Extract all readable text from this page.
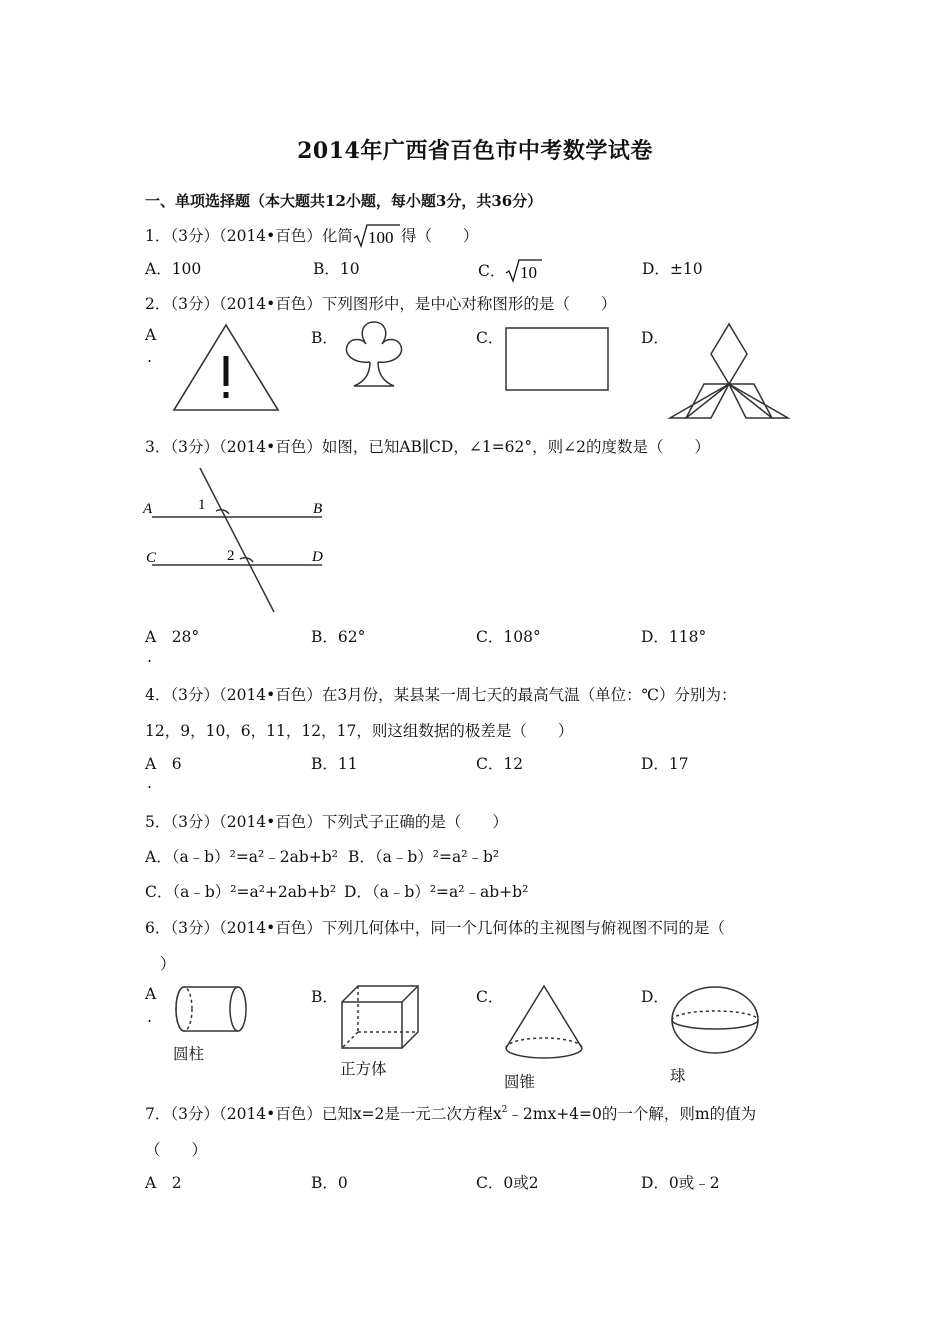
2014年广西省百色市中考数学试卷
一、单项选择题（本大题共12小题，每小题3分，共36分）
1．（3分）（2014•百色）化简 100 得（　　）
A．100	B．10	C． 10	D．±10
2．（3分）（2014•百色）下列图形中，是中心对称图形的是（　　）
A
.
B．	C．	D．
3．（3分）（2014•百色）如图，已知AB∥CD，∠1=62°，则∠2的度数是（　　）
A	B
C	D
1
2
A　28°
.
B．62°	C．108°	D．118°
4．（3分）（2014•百色）在3月份，某县某一周七天的最高气温（单位：℃）分别为：
12，9，10，6，11，12，17，则这组数据的极差是（　　）
A　6
.
B．11	C．12	D．17
5．（3分）（2014•百色）下列式子正确的是（　　）
A．（a﹣b）²=a²﹣2ab+b² B．（a﹣b）²=a²﹣b²
C．（a﹣b）²=a²+2ab+b² D．（a﹣b）²=a²﹣ab+b²
6．（3分）（2014•百色）下列几何体中，同一个几何体的主视图与俯视图不同的是（
）
A
.
圆柱
B．
正方体
C．
圆锥
D．
球
7．（3分）（2014•百色）已知x=2是一元二次方程$x^2﹣2mx+4=0$的一个解，则m的值为
（　　）
A　2	B．0	C．0或2	D．0或﹣2
